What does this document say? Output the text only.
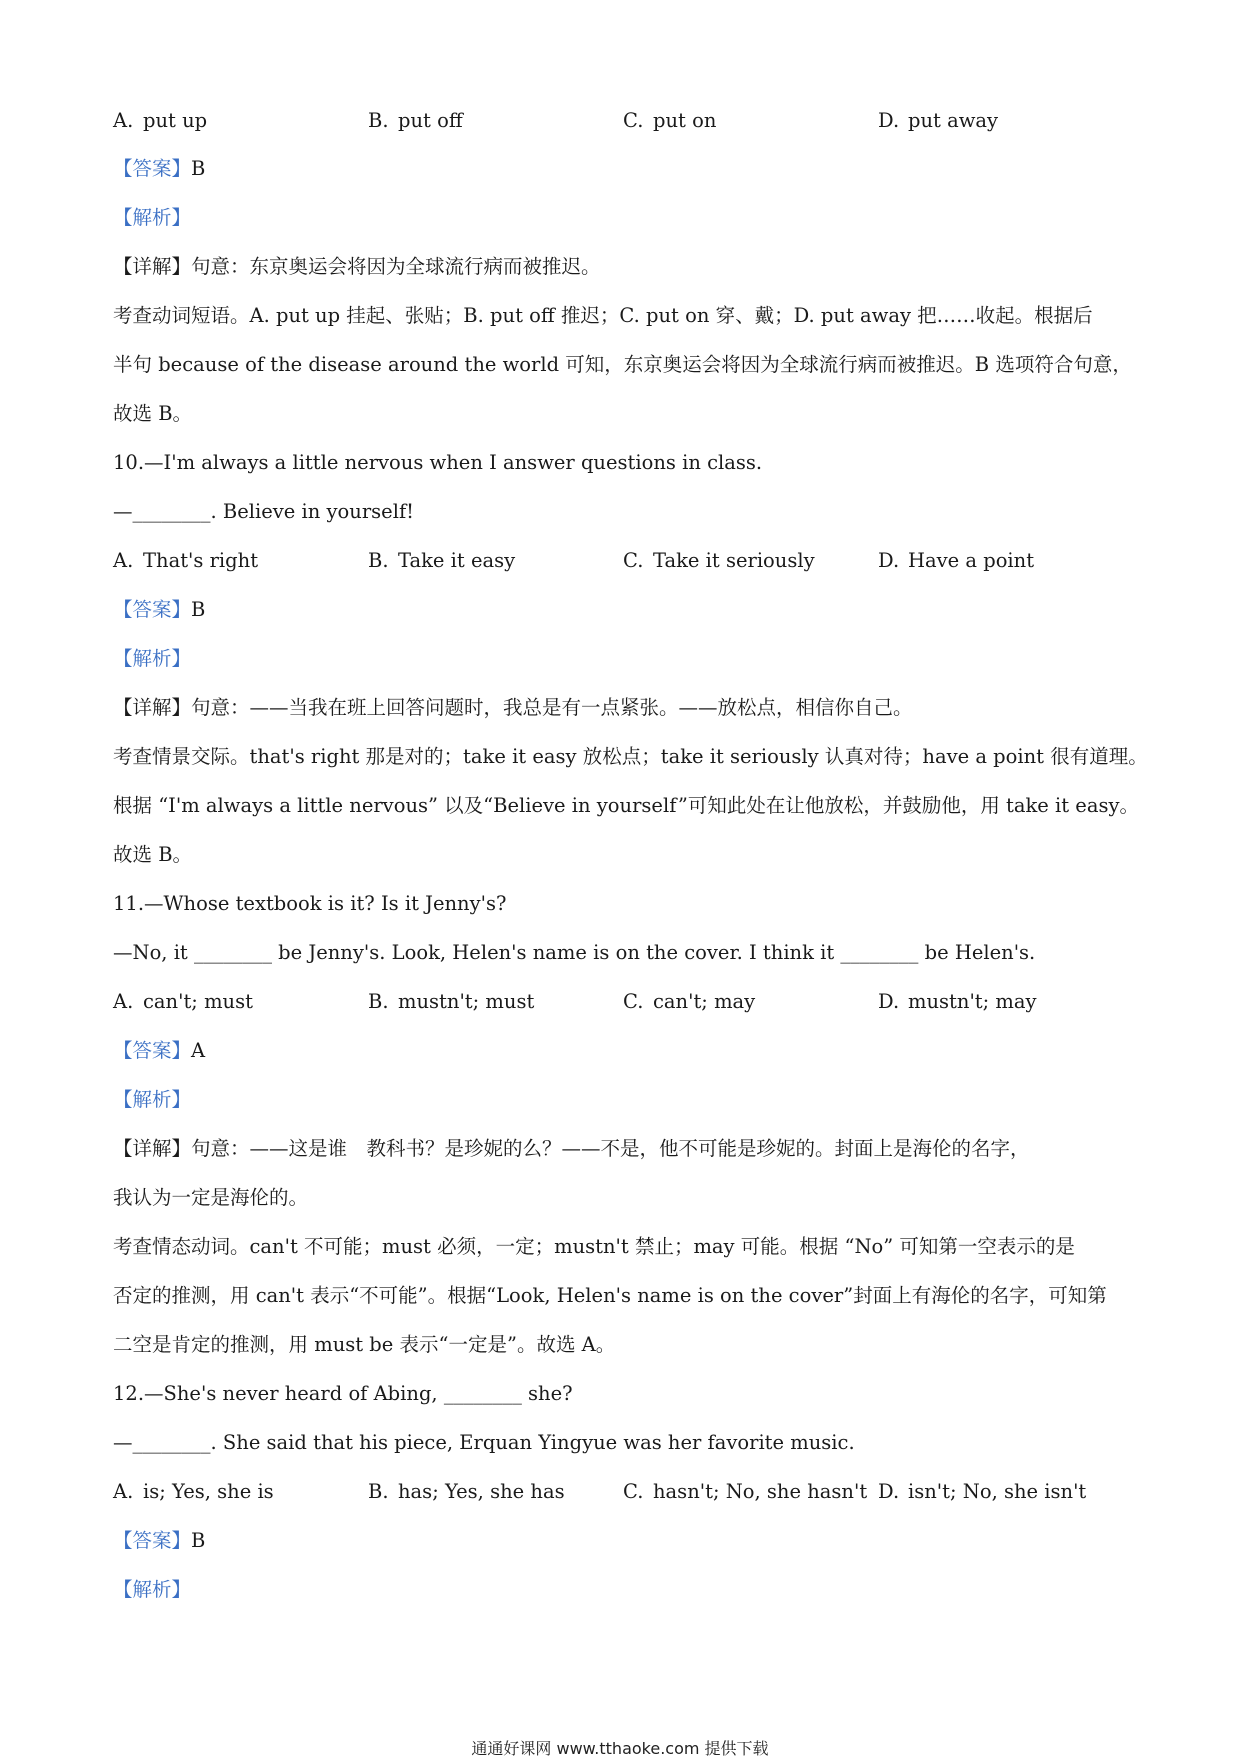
A. put up	B. put off	C. put on	D. put away
【答案】B
【解析】
【详解】句意：东京奥运会将因为全球流行病而被推迟。
考查动词短语。A. put up 挂起、张贴；B. put off 推迟；C. put on 穿、戴；D. put away 把……收起。根据后
半句 because of the disease around the world 可知，东京奥运会将因为全球流行病而被推迟。B 选项符合句意，
故选 B。
10.—I'm always a little nervous when I answer questions in class.
—________. Believe in yourself!
A. That's right	B. Take it easy	C. Take it seriously	D. Have a point
【答案】B
【解析】
【详解】句意：——当我在班上回答问题时，我总是有一点紧张。——放松点，相信你自己。
考查情景交际。that's right 那是对的；take it easy 放松点；take it seriously 认真对待；have a point 很有道理。
根据 “I'm always a little nervous” 以及“Believe in yourself”可知此处在让他放松，并鼓励他，用 take it easy。
故选 B。
11.—Whose textbook is it? Is it Jenny's?
—No, it ________ be Jenny's. Look, Helen's name is on the cover. I think it ________ be Helen's.
A. can't; must	B. mustn't; must	C. can't; may	D. mustn't; may
【答案】A
【解析】
【详解】句意：——这是谁　教科书？是珍妮的么？——不是，他不可能是珍妮的。封面上是海伦的名字，
我认为一定是海伦的。
考查情态动词。can't 不可能；must 必须，一定；mustn't 禁止；may 可能。根据 “No” 可知第一空表示的是
否定的推测，用 can't 表示“不可能”。根据“Look, Helen's name is on the cover”封面上有海伦的名字，可知第
二空是肯定的推测，用 must be 表示“一定是”。故选 A。
12.—She's never heard of Abing, ________ she?
—________. She said that his piece, Erquan Yingyue was her favorite music.
A. is; Yes, she is	B. has; Yes, she has	C. hasn't; No, she hasn't D. isn't; No, she isn't
【答案】B
【解析】
通通好课网 www.tthaoke.com 提供下载
